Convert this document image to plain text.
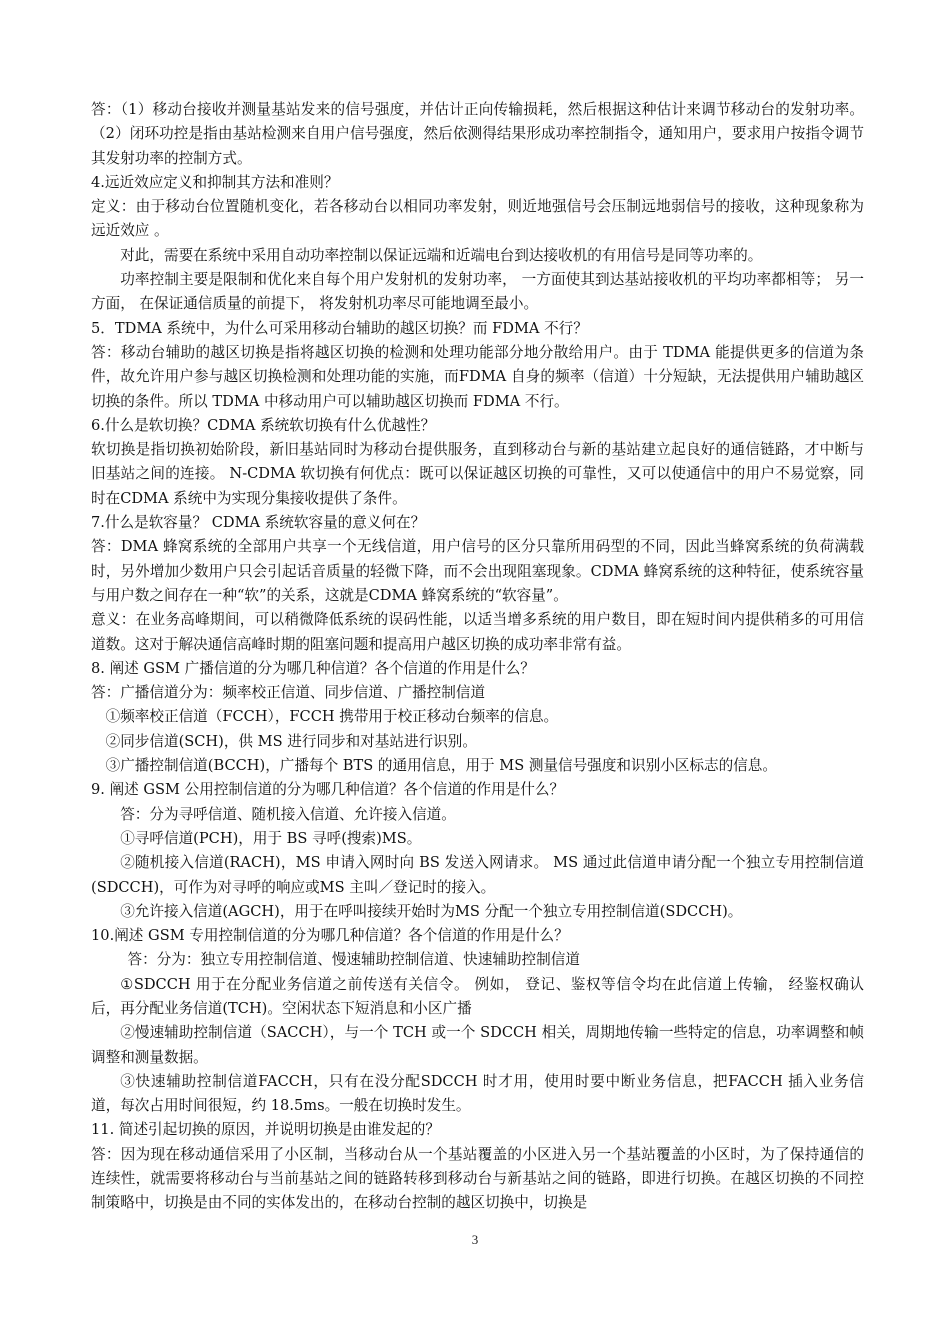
答：（1）移动台接收并测量基站发来的信号强度，并估计正向传输损耗，然后根据这种估计来调节移动台的发射功率。（2）闭环功控是指由基站检测来自用户信号强度，然后依测得结果形成功率控制指令，通知用户，要求用户按指令调节其发射功率的控制方式。

4.远近效应定义和抑制其方法和准则？

定义：由于移动台位置随机变化，若各移动台以相同功率发射，则近地强信号会压制远地弱信号的接收，这种现象称为远近效应 。

对此，需要在系统中采用自动功率控制以保证远端和近端电台到达接收机的有用信号是同等功率的。

功率控制主要是限制和优化来自每个用户发射机的发射功率， 一方面使其到达基站接收机的平均功率都相等； 另一方面， 在保证通信质量的前提下， 将发射机功率尽可能地调至最小。

5．TDMA 系统中，为什么可采用移动台辅助的越区切换？而 FDMA 不行？

答：移动台辅助的越区切换是指将越区切换的检测和处理功能部分地分散给用户。由于 TDMA 能提供更多的信道为条件，故允许用户参与越区切换检测和处理功能的实施，而FDMA 自身的频率（信道）十分短缺，无法提供用户辅助越区切换的条件。所以 TDMA 中移动用户可以辅助越区切换而 FDMA 不行。

6.什么是软切换？CDMA 系统软切换有什么优越性？

软切换是指切换初始阶段，新旧基站同时为移动台提供服务，直到移动台与新的基站建立起良好的通信链路，才中断与旧基站之间的连接。 N-CDMA 软切换有何优点：既可以保证越区切换的可靠性，又可以使通信中的用户不易觉察，同时在CDMA 系统中为实现分集接收提供了条件。

7.什么是软容量？ CDMA 系统软容量的意义何在？

答：DMA 蜂窝系统的全部用户共享一个无线信道，用户信号的区分只靠所用码型的不同，因此当蜂窝系统的负荷满载时，另外增加少数用户只会引起话音质量的轻微下降，而不会出现阻塞现象。CDMA 蜂窝系统的这种特征，使系统容量与用户数之间存在一种“软”的关系，这就是CDMA 蜂窝系统的“软容量”。

意义：在业务高峰期间，可以稍微降低系统的误码性能，以适当增多系统的用户数目，即在短时间内提供稍多的可用信道数。这对于解决通信高峰时期的阻塞问题和提高用户越区切换的成功率非常有益。

8. 阐述 GSM 广播信道的分为哪几种信道？各个信道的作用是什么？

答：广播信道分为：频率校正信道、同步信道、广播控制信道

①频率校正信道（FCCH），FCCH 携带用于校正移动台频率的信息。

②同步信道(SCH)，供 MS 进行同步和对基站进行识别。

③广播控制信道(BCCH)，广播每个 BTS 的通用信息，用于 MS 测量信号强度和识别小区标志的信息。

9. 阐述 GSM 公用控制信道的分为哪几种信道？各个信道的作用是什么？

答：分为寻呼信道、随机接入信道、允许接入信道。

①寻呼信道(PCH)，用于 BS 寻呼(搜索)MS。

②随机接入信道(RACH)，MS 申请入网时向 BS 发送入网请求。 MS 通过此信道申请分配一个独立专用控制信道(SDCCH)，可作为对寻呼的响应或MS 主叫／登记时的接入。

③允许接入信道(AGCH)，用于在呼叫接续开始时为MS 分配一个独立专用控制信道(SDCCH)。

10.阐述 GSM 专用控制信道的分为哪几种信道？各个信道的作用是什么？

答：分为：独立专用控制信道、慢速辅助控制信道、快速辅助控制信道

①SDCCH 用于在分配业务信道之前传送有关信令。 例如， 登记、鉴权等信令均在此信道上传输， 经鉴权确认后，再分配业务信道(TCH)。空闲状态下短消息和小区广播

②慢速辅助控制信道（SACCH），与一个 TCH 或一个 SDCCH 相关，周期地传输一些特定的信息，功率调整和帧调整和测量数据。

③快速辅助控制信道FACCH，只有在没分配SDCCH 时才用，使用时要中断业务信息，把FACCH 插入业务信道，每次占用时间很短，约 18.5ms。一般在切换时发生。

11. 简述引起切换的原因，并说明切换是由谁发起的？

答：因为现在移动通信采用了小区制，当移动台从一个基站覆盖的小区进入另一个基站覆盖的小区时，为了保持通信的连续性，就需要将移动台与当前基站之间的链路转移到移动台与新基站之间的链路，即进行切换。在越区切换的不同控制策略中，切换是由不同的实体发出的，在移动台控制的越区切换中，切换是

3
